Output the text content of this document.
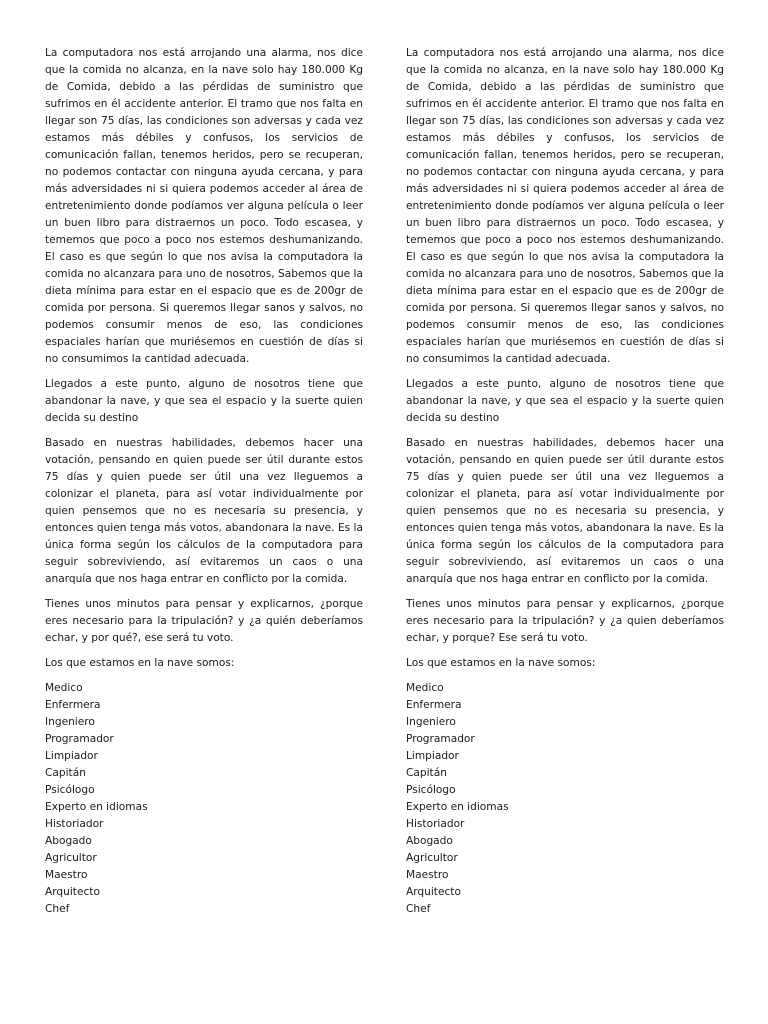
La computadora nos está arrojando una alarma, nos dice que la comida no alcanza, en la nave solo hay 180.000 Kg de Comida, debido a las pérdidas de suministro que sufrimos en él accidente anterior. El tramo que nos falta en llegar son 75 días, las condiciones son adversas y cada vez estamos más débiles y confusos, los servicios de comunicación fallan, tenemos heridos, pero se recuperan, no podemos contactar con ninguna ayuda cercana, y para más adversidades ni si quiera podemos acceder al área de entretenimiento donde podíamos ver alguna película o leer un buen libro para distraernos un poco. Todo escasea, y tememos que poco a poco nos estemos deshumanizando. El caso es que según lo que nos avisa la computadora la comida no alcanzara para uno de nosotros, Sabemos que la dieta mínima para estar en el espacio que es de 200gr de comida por persona. Si queremos llegar sanos y salvos, no podemos consumir menos de eso, las condiciones espaciales harían que muriésemos en cuestión de días si no consumimos la cantidad adecuada.

Llegados a este punto, alguno de nosotros tiene que abandonar la nave, y que sea el espacio y la suerte quien decida su destino

Basado en nuestras habilidades, debemos hacer una votación, pensando en quien puede ser útil durante estos 75 días y quien puede ser útil una vez lleguemos a colonizar el planeta, para así votar individualmente por quien pensemos que no es necesaria su presencia, y entonces quien tenga más votos, abandonara la nave. Es la única forma según los cálculos de la computadora para seguir sobreviviendo, así evitaremos un caos o una anarquía que nos haga entrar en conflicto por la comida.

Tienes unos minutos para pensar y explicarnos, ¿porque eres necesario para la tripulación? y ¿a quién deberíamos echar, y por qué?, ese será tu voto.

Los que estamos en la nave somos:

Medico
Enfermera
Ingeniero
Programador
Limpiador
Capitán
Psicólogo
Experto en idiomas
Historiador
Abogado
Agricultor
Maestro
Arquitecto
Chef

La computadora nos está arrojando una alarma, nos dice que la comida no alcanza, en la nave solo hay 180.000 Kg de Comida, debido a las pérdidas de suministro que sufrimos en él accidente anterior. El tramo que nos falta en llegar son 75 días, las condiciones son adversas y cada vez estamos más débiles y confusos, los servicios de comunicación fallan, tenemos heridos, pero se recuperan, no podemos contactar con ninguna ayuda cercana, y para más adversidades ni si quiera podemos acceder al área de entretenimiento donde podíamos ver alguna película o leer un buen libro para distraernos un poco. Todo escasea, y tememos que poco a poco nos estemos deshumanizando. El caso es que según lo que nos avisa la computadora la comida no alcanzara para uno de nosotros, Sabemos que la dieta mínima para estar en el espacio que es de 200gr de comida por persona. Si queremos llegar sanos y salvos, no podemos consumir menos de eso, las condiciones espaciales harían que muriésemos en cuestión de días si no consumimos la cantidad adecuada.

Llegados a este punto, alguno de nosotros tiene que abandonar la nave, y que sea el espacio y la suerte quien decida su destino

Basado en nuestras habilidades, debemos hacer una votación, pensando en quien puede ser útil durante estos 75 días y quien puede ser útil una vez lleguemos a colonizar el planeta, para así votar individualmente por quien pensemos que no es necesaria su presencia, y entonces quien tenga más votos, abandonara la nave. Es la única forma según los cálculos de la computadora para seguir sobreviviendo, así evitaremos un caos o una anarquía que nos haga entrar en conflicto por la comida.

Tienes unos minutos para pensar y explicarnos, ¿porque eres necesario para la tripulación? y ¿a quien deberíamos echar, y porque? Ese será tu voto.

Los que estamos en la nave somos:

Medico
Enfermera
Ingeniero
Programador
Limpiador
Capitán
Psicólogo
Experto en idiomas
Historiador
Abogado
Agricultor
Maestro
Arquitecto
Chef
